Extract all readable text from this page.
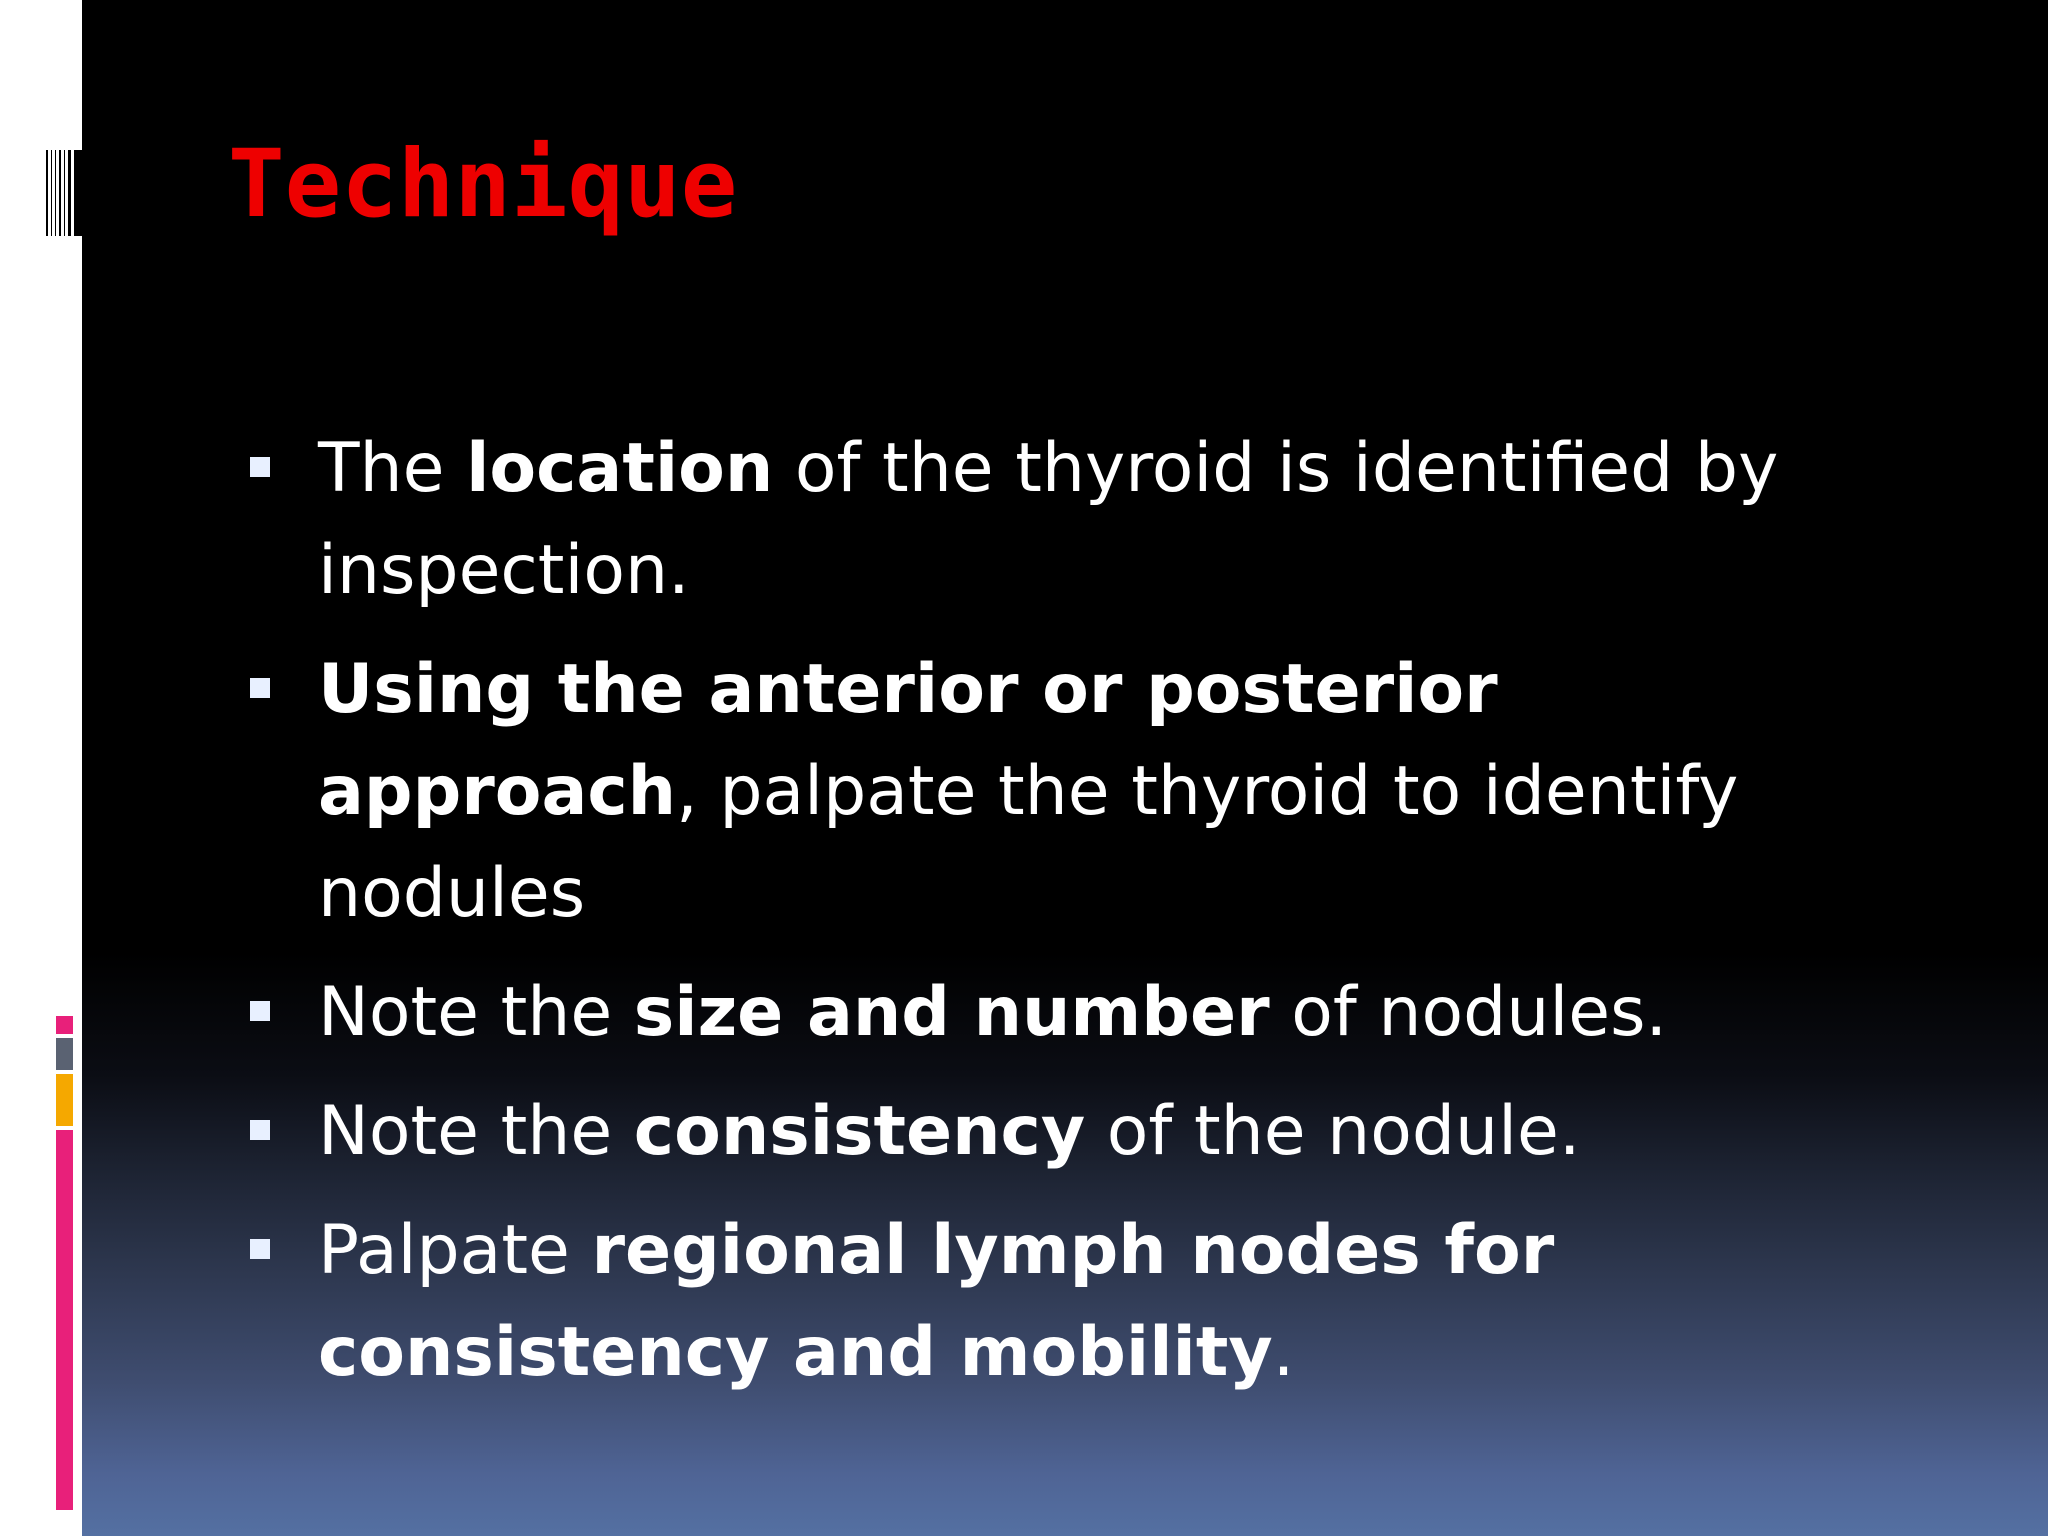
Technique
The location of the thyroid is identified by inspection.
Using the anterior or posterior approach, palpate the thyroid to identify nodules
Note the size and number of nodules.
Note the consistency of the nodule.
Palpate regional lymph nodes for consistency and mobility.
